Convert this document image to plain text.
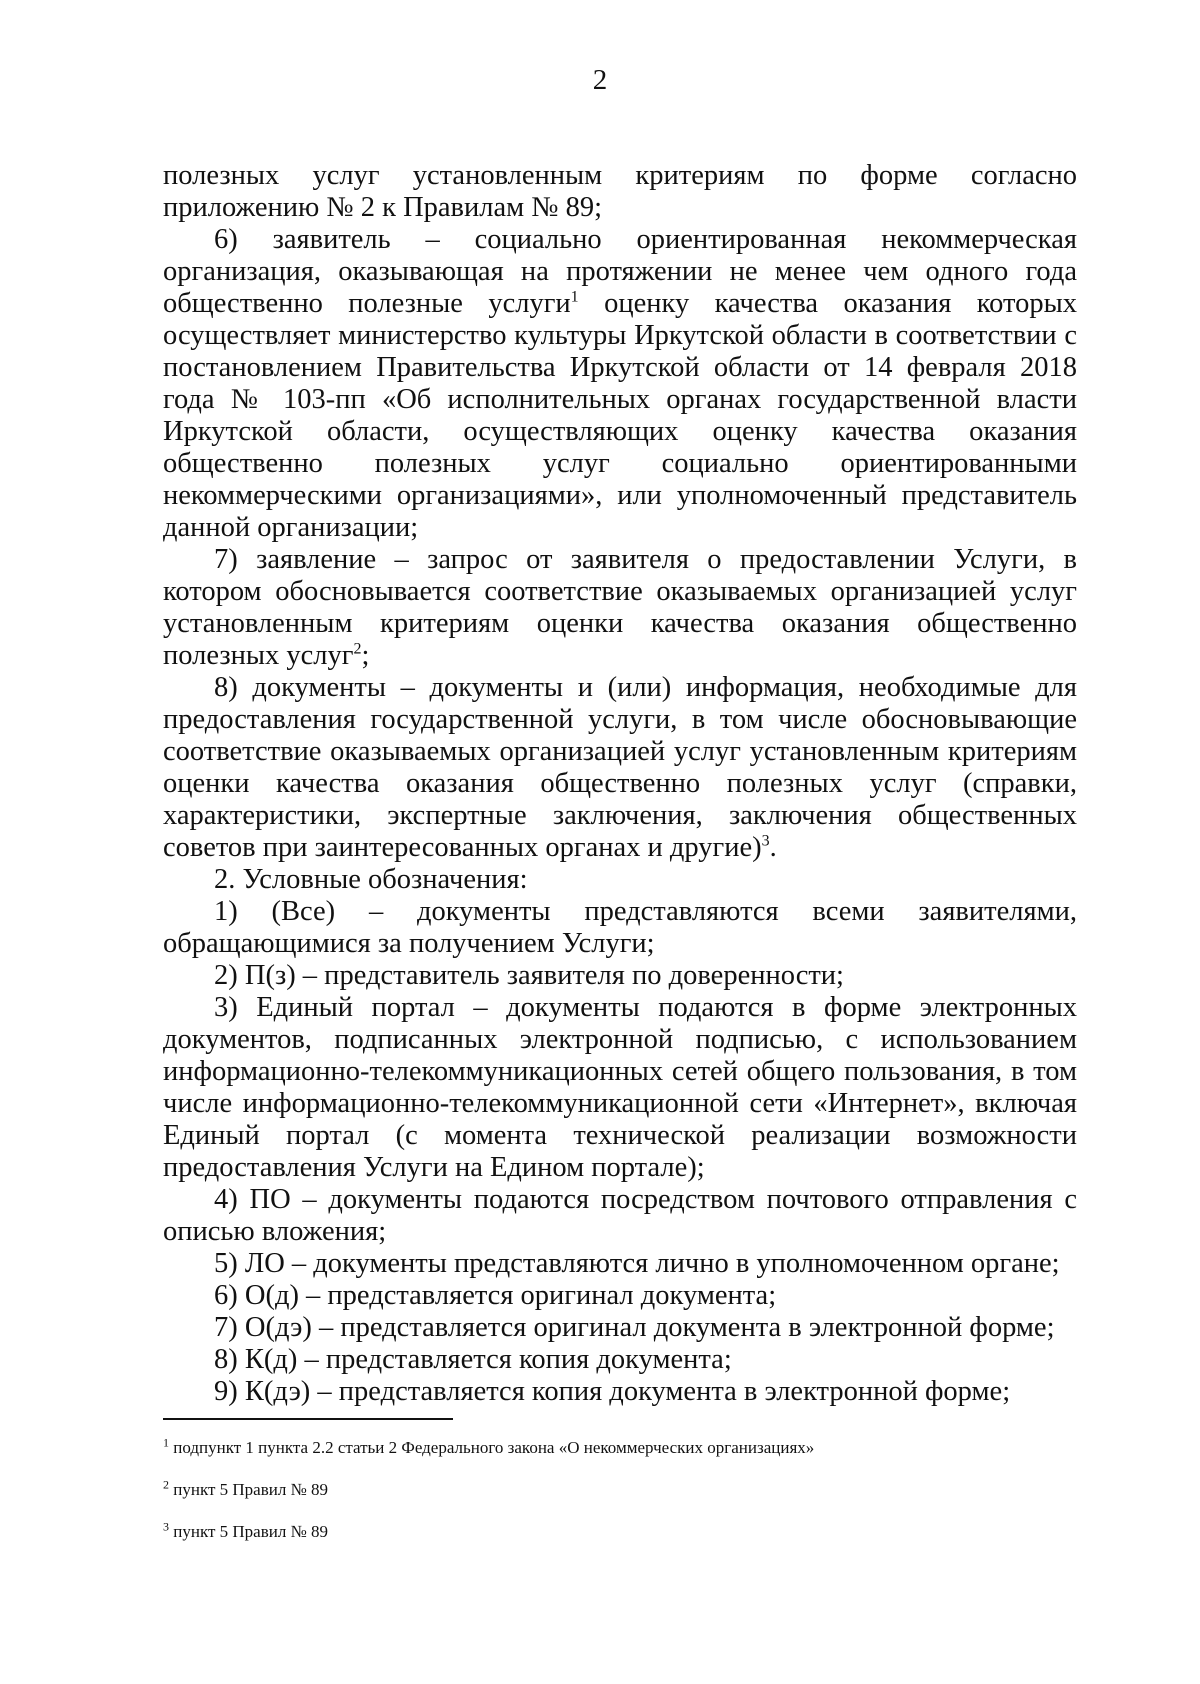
2

полезных услуг установленным критериям по форме согласно приложению № 2 к Правилам № 89;

6) заявитель – социально ориентированная некоммерческая организация, оказывающая на протяжении не менее чем одного года общественно полезные услуги$^1$ оценку качества оказания которых осуществляет министерство культуры Иркутской области в соответствии с постановлением Правительства Иркутской области от 14 февраля 2018 года № 103-пп «Об исполнительных органах государственной власти Иркутской области, осуществляющих оценку качества оказания общественно полезных услуг социально ориентированными некоммерческими организациями», или уполномоченный представитель данной организации;

7) заявление – запрос от заявителя о предоставлении Услуги, в котором обосновывается соответствие оказываемых организацией услуг установленным критериям оценки качества оказания общественно полезных услуг$^2$;

8) документы – документы и (или) информация, необходимые для предоставления государственной услуги, в том числе обосновывающие соответствие оказываемых организацией услуг установленным критериям оценки качества оказания общественно полезных услуг (справки, характеристики, экспертные заключения, заключения общественных советов при заинтересованных органах и другие)$^3$.

2. Условные обозначения:

1) (Все) – документы представляются всеми заявителями, обращающимися за получением Услуги;

2) П(з) – представитель заявителя по доверенности;

3) Единый портал – документы подаются в форме электронных документов, подписанных электронной подписью, с использованием информационно-телекоммуникационных сетей общего пользования, в том числе информационно-телекоммуникационной сети «Интернет», включая Единый портал (с момента технической реализации возможности предоставления Услуги на Едином портале);

4) ПО – документы подаются посредством почтового отправления с описью вложения;

5) ЛО – документы представляются лично в уполномоченном органе;

6) О(д) – представляется оригинал документа;

7) О(дэ) – представляется оригинал документа в электронной форме;

8) К(д) – представляется копия документа;

9) К(дэ) – представляется копия документа в электронной форме;

$^1$ подпункт 1 пункта 2.2 статьи 2 Федерального закона «О некоммерческих организациях»

$^2$ пункт 5 Правил № 89

$^3$ пункт 5 Правил № 89
